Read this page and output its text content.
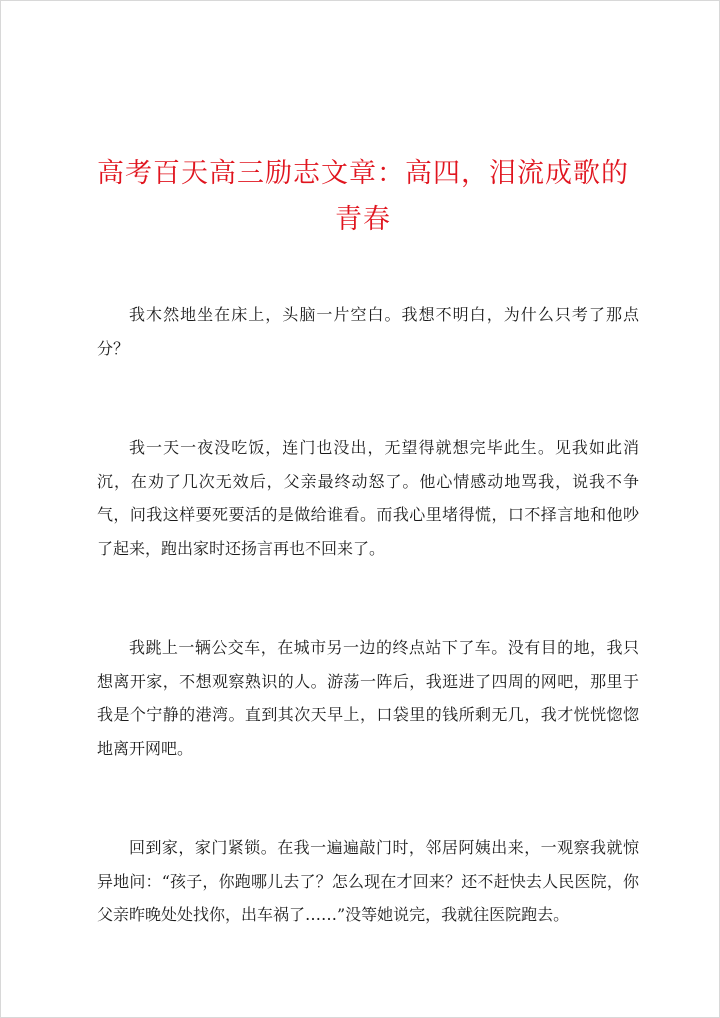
高考百天高三励志文章：高四，泪流成歌的青春

我木然地坐在床上，头脑一片空白。我想不明白，为什么只考了那点分？

我一天一夜没吃饭，连门也没出，无望得就想完毕此生。见我如此消沉，在劝了几次无效后，父亲最终动怒了。他心情感动地骂我，说我不争气，问我这样要死要活的是做给谁看。而我心里堵得慌，口不择言地和他吵了起来，跑出家时还扬言再也不回来了。

我跳上一辆公交车，在城市另一边的终点站下了车。没有目的地，我只想离开家，不想观察熟识的人。游荡一阵后，我逛进了四周的网吧，那里于我是个宁静的港湾。直到其次天早上，口袋里的钱所剩无几，我才恍恍惚惚地离开网吧。

回到家，家门紧锁。在我一遍遍敲门时，邻居阿姨出来，一观察我就惊异地问：“孩子，你跑哪儿去了？怎么现在才回来？还不赶快去人民医院，你父亲昨晚处处找你，出车祸了……”没等她说完，我就往医院跑去。
